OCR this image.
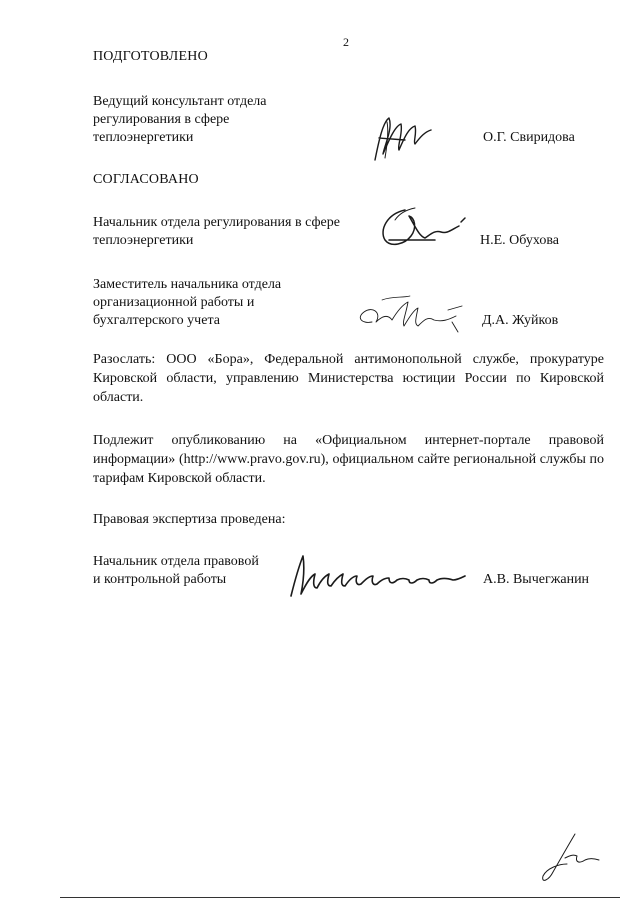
2
ПОДГОТОВЛЕНО
Ведущий консультант отдела
регулирования в сфере
теплоэнергетики	О.Г. Свиридова
СОГЛАСОВАНО
Начальник отдела регулирования в сфере
теплоэнергетики	Н.Е. Обухова
Заместитель начальника отдела
организационной работы и
бухгалтерского учета	Д.А. Жуйков
Разослать: ООО «Бора», Федеральной антимонопольной службе, прокуратуре Кировской области, управлению Министерства юстиции России по Кировской области.
Подлежит опубликованию на «Официальном интернет-портале правовой информации» (http://www.pravo.gov.ru), официальном сайте региональной службы по тарифам Кировской области.
Правовая экспертиза проведена:
Начальник отдела правовой
и контрольной работы	А.В. Вычегжанин
